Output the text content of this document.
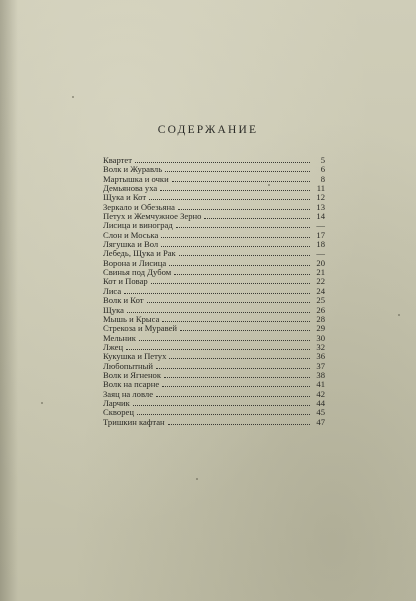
СОДЕРЖАНИЕ
Квартет	5
Волк и Журавль	6
Мартышка и очки	8
Демьянова уха	11
Щука и Кот	12
Зеркало и Обезьяна	13
Петух и Жемчужное Зерно	14
Лисица и виноград	—
Слон и Моська	17
Лягушка и Вол	18
Лебедь, Щука и Рак	—
Ворона и Лисица	20
Свинья под Дубом	21
Кот и Повар	22
Лиса	24
Волк и Кот	25
Щука	26
Мышь и Крыса	28
Стрекоза и Муравей	29
Мельник	30
Лжец	32
Кукушка и Петух	36
Любопытный	37
Волк и Ягненок	38
Волк на псарне	41
Заяц на ловле	42
Ларчик	44
Скворец	45
Тришкин кафтан	47
